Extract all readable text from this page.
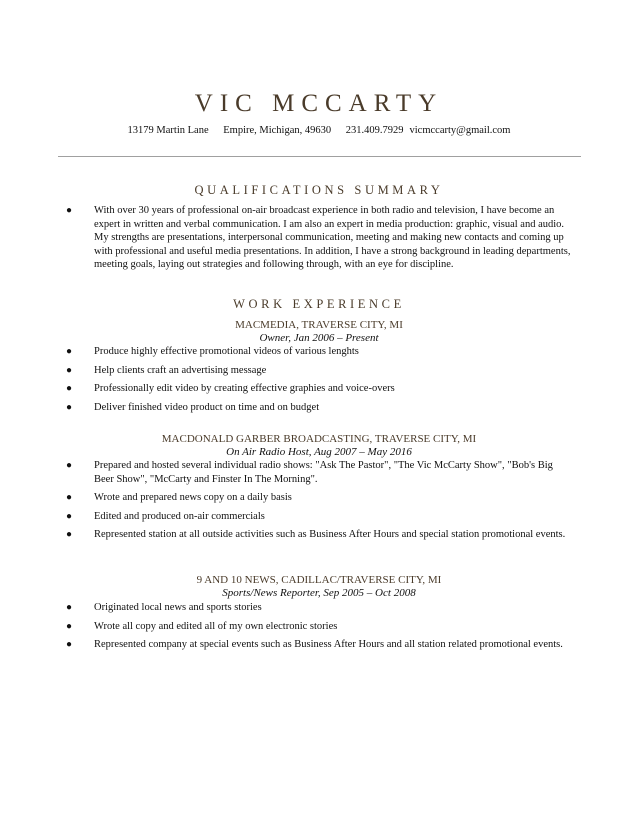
VIC MCCARTY
13179 Martin Lane Empire, Michigan, 49630 231.409.7929 vicmccarty@gmail.com
QUALIFICATIONS SUMMARY
● With over 30 years of professional on-air broadcast experience in both radio and television, I have become an expert in written and verbal communication. I am also an expert in media production: graphic, visual and audio. My strengths are presentations, interpersonal communication, meeting and making new contacts and coming up with professional and useful media presentations. In addition, I have a strong background in leading departments, meeting goals, laying out strategies and following through, with an eye for discipline.
WORK EXPERIENCE
MACMEDIA, TRAVERSE CITY, MI
Owner, Jan 2006 – Present
● Produce highly effective promotional videos of various lenghts
● Help clients craft an advertising message
● Professionally edit video by creating effective graphies and voice-overs
● Deliver finished video product on time and on budget
MACDONALD GARBER BROADCASTING, TRAVERSE CITY, MI
On Air Radio Host, Aug 2007 – May 2016
● Prepared and hosted several individual radio shows: "Ask The Pastor", "The Vic McCarty Show", "Bob's Big Beer Show", "McCarty and Finster In The Morning".
● Wrote and prepared news copy on a daily basis
● Edited and produced on-air commercials
● Represented station at all outside activities such as Business After Hours and special station promotional events.
9 AND 10 NEWS, CADILLAC/TRAVERSE CITY, MI
Sports/News Reporter, Sep 2005 – Oct 2008
● Originated local news and sports stories
● Wrote all copy and edited all of my own electronic stories
● Represented company at special events such as Business After Hours and all station related promotional events.
